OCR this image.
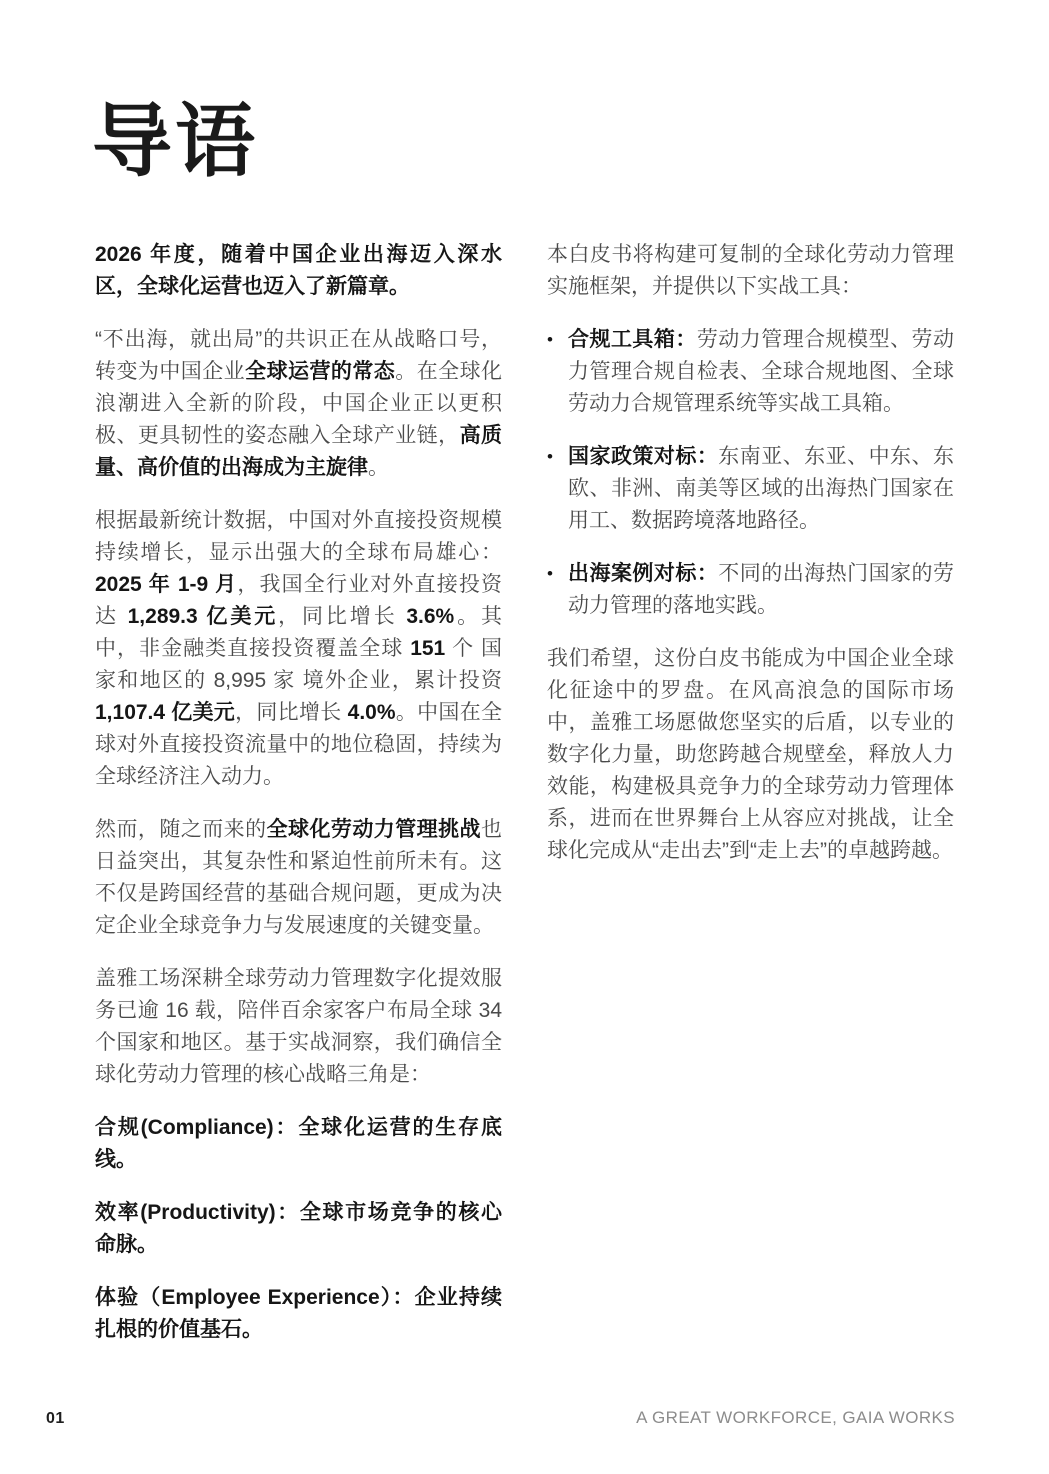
导语

2026 年度，随着中国企业出海迈入深水区，全球化运营也迈入了新篇章。

“不出海，就出局”的共识正在从战略口号，转变为中国企业全球运营的常态。在全球化浪潮进入全新的阶段，中国企业正以更积极、更具韧性的姿态融入全球产业链，高质量、高价值的出海成为主旋律。

根据最新统计数据，中国对外直接投资规模持续增长，显示出强大的全球布局雄心：2025 年 1-9 月，我国全行业对外直接投资达 1,289.3 亿美元，同比增长 3.6%。其中，非金融类直接投资覆盖全球 151 个 国家和地区的 8,995 家 境外企业，累计投资 1,107.4 亿美元，同比增长 4.0%。中国在全球对外直接投资流量中的地位稳固，持续为全球经济注入动力。

然而，随之而来的全球化劳动力管理挑战也日益突出，其复杂性和紧迫性前所未有。这不仅是跨国经营的基础合规问题，更成为决定企业全球竞争力与发展速度的关键变量。

盖雅工场深耕全球劳动力管理数字化提效服务已逾 16 载，陪伴百余家客户布局全球 34 个国家和地区。基于实战洞察，我们确信全球化劳动力管理的核心战略三角是：

合规(Compliance)：全球化运营的生存底线。

效率(Productivity)：全球市场竞争的核心命脉。

体验（Employee Experience）：企业持续扎根的价值基石。

本白皮书将构建可复制的全球化劳动力管理实施框架，并提供以下实战工具：

• 合规工具箱：劳动力管理合规模型、劳动力管理合规自检表、全球合规地图、全球劳动力合规管理系统等实战工具箱。
• 国家政策对标：东南亚、东亚、中东、东欧、非洲、南美等区域的出海热门国家在用工、数据跨境落地路径。
• 出海案例对标：不同的出海热门国家的劳动力管理的落地实践。

我们希望，这份白皮书能成为中国企业全球化征途中的罗盘。在风高浪急的国际市场中，盖雅工场愿做您坚实的后盾，以专业的数字化力量，助您跨越合规壁垒，释放人力效能，构建极具竞争力的全球劳动力管理体系，进而在世界舞台上从容应对挑战，让全球化完成从“走出去”到“走上去”的卓越跨越。

01	A GREAT WORKFORCE, GAIA WORKS
